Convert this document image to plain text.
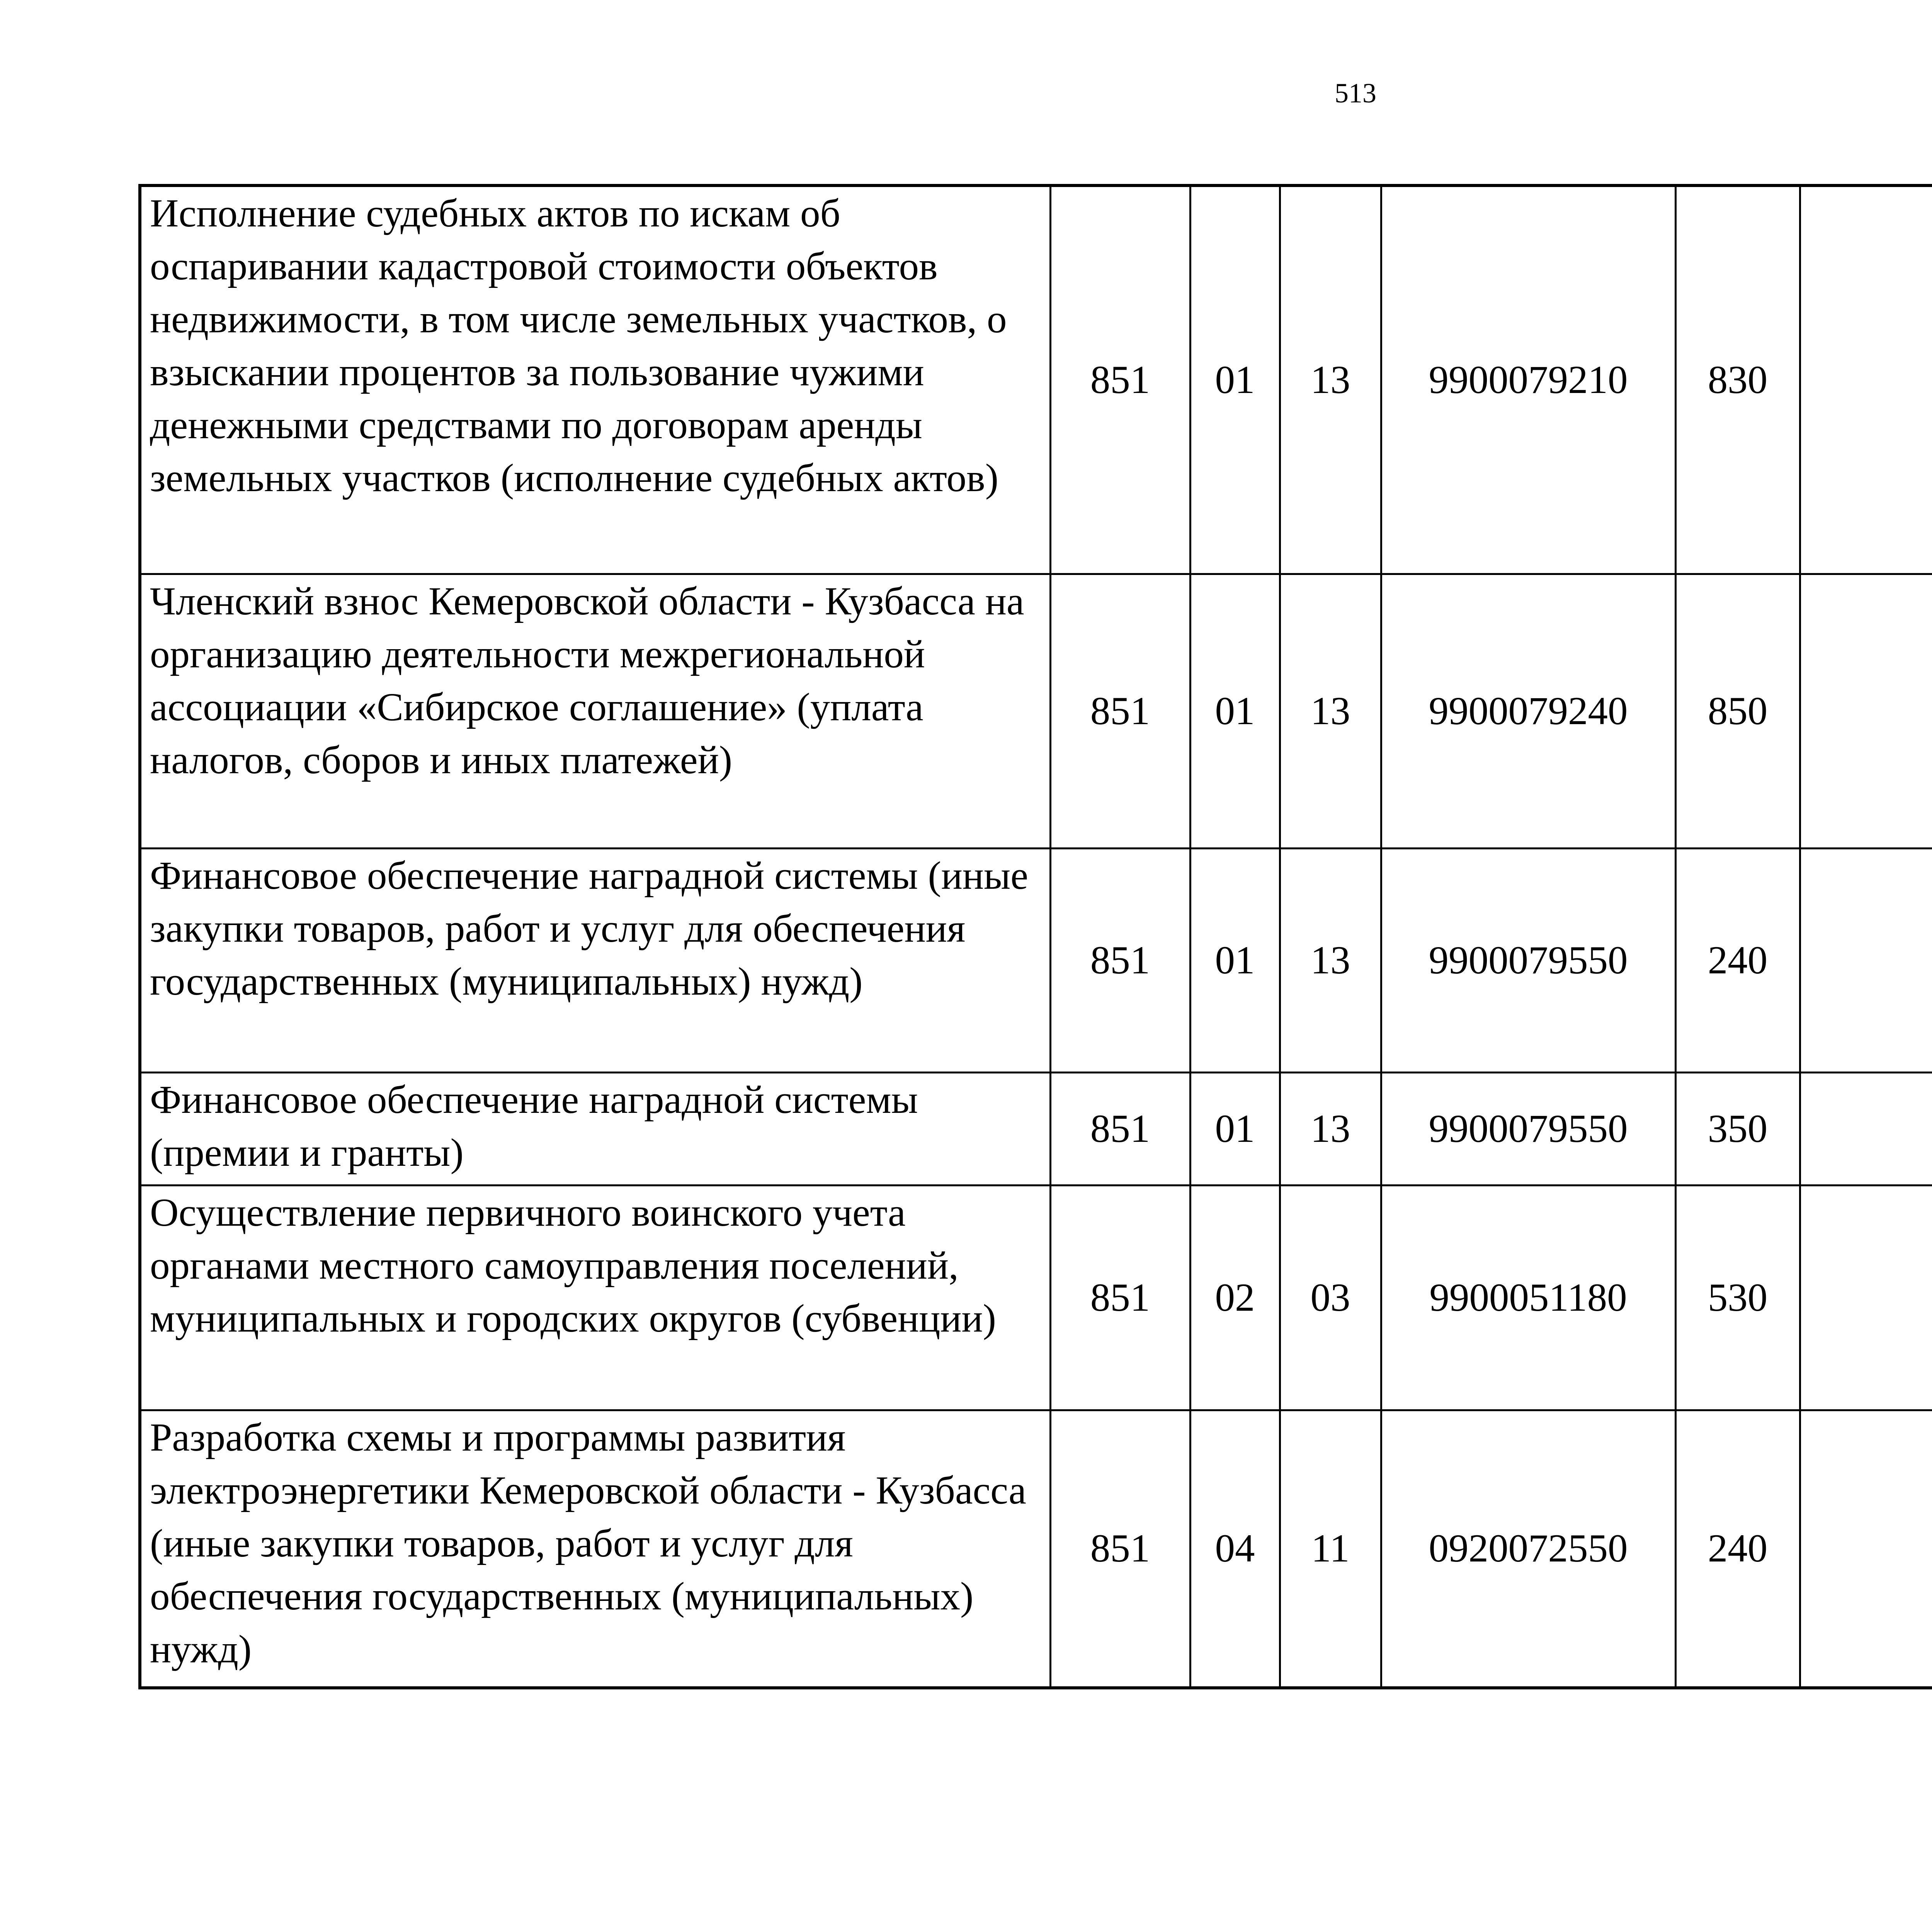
513
Исполнение судебных актов по искам об оспаривании кадастровой стоимости объектов недвижимости, в том числе земельных участков, о взыскании процентов за пользование чужими денежными средствами по договорам аренды земельных участков (исполнение судебных актов)	851	01	13	9900079210	830			
Членский взнос Кемеровской области - Кузбасса на организацию деятельности межрегиональной ассоциации «Сибирское соглашение» (уплата налогов, сборов и иных платежей)	851	01	13	9900079240	850			
Финансовое обеспечение наградной системы (иные закупки товаров, работ и услуг для обеспечения государственных (муниципальных) нужд)	851	01	13	9900079550	240			
Финансовое обеспечение наградной системы (премии и гранты)	851	01	13	9900079550	350			
Осуществление первичного воинского учета органами местного самоуправления поселений, муниципальных и городских округов (субвенции)	851	02	03	9900051180	530			
Разработка схемы и программы развития электроэнергетики Кемеровской области - Кузбасса (иные закупки товаров, работ и услуг для обеспечения государственных (муниципальных) нужд)	851	04	11	0920072550	240			
